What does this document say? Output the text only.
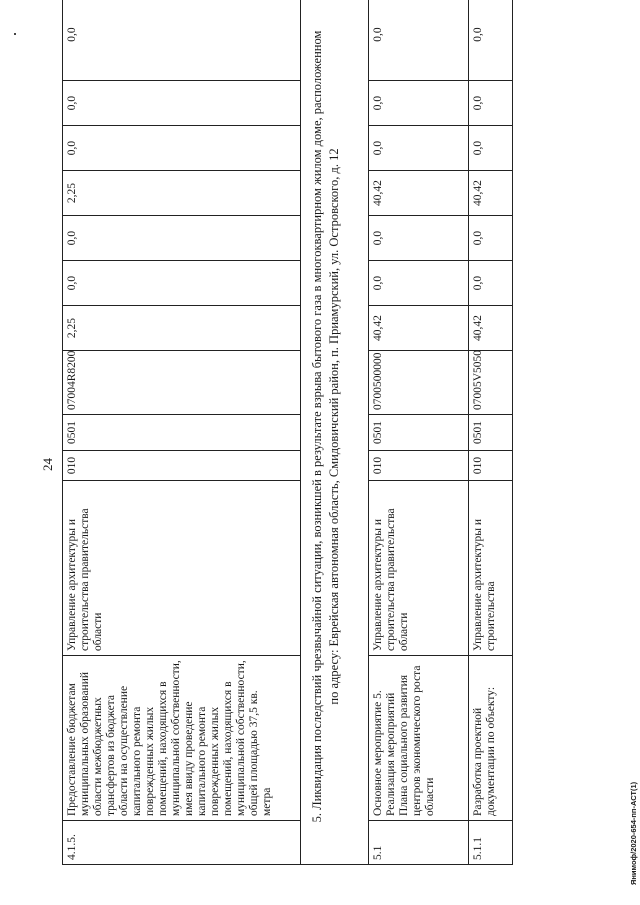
24
4.1.5.	Предоставление бюджетам муниципальных образований области межбюджетных трансфертов из бюджета области на осуществление капитального ремонта поврежденных жилых помещений, находящихся в муниципальной собственности, имея ввиду проведение капитального ремонта поврежденных жилых помещений, находящихся в муниципальной собственности, общей площадью 37,5 кв. метра	Управление архитектуры и строительства правительства области	010	0501	07004R8200	2,25	0,0	0,0	2,25	0,0	0,0	0,0
5. Ликвидация последствий чрезвычайной ситуации, возникшей в результате взрыва бытового газа в многоквартирном жилом доме, расположенном по адресу: Еврейская автономная область, Смидовичский район, п. Приамурский, ул. Островского, д. 12												
5.1	Основное мероприятие 5. Реализация мероприятий Плана социального развития центров экономического роста области	Управление архитектуры и строительства правительства области	010	0501	0700500000	40,42	0,0	0,0	40,42	0,0	0,0	0,0
5.1.1	Разработка проектной документации по объекту:	Управление архитектуры и строительства	010	0501	07005V5050	40,42	0,0	0,0	40,42	0,0	0,0	0,0
Янимоф/2020-654-пп-АСТ(1)
